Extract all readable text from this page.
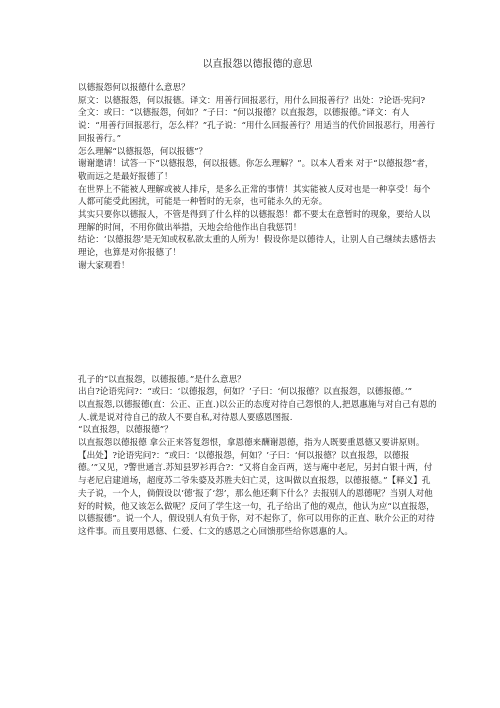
以直报怨以德报德的意思

以德报怨何以报德什么意思？

原文：以德报怨，何以报德。译文：用善行回报恶行，用什么回报善行？出处：?论语·宪问?

全文：或曰：“以德报怨，何如？”子曰：“何以报德？以直报怨，以德报德。”译文：有人说：“用善行回报恶行，怎么样？”孔子说：“用什么回报善行？用适当的代价回报恶行，用善行回报善行。”

怎么理解“以德报怨，何以报德”？

谢谢邀请！试答一下“以德报怨，何以报德。你怎么理解？”。以本人看来 对于“以德报怨”者，敬而远之是最好报德了！

在世界上不能被人理解或被人排斥，是多么正常的事情！其实能被人反对也是一种享受！每个人都可能受此困扰，可能是一种暂时的无奈，也可能永久的无奈。

其实只要你以德报人，不管是得到了什么样的以德报怨！都不要太在意暂时的现象，要给人以理解的时间，不用你做出举措，天地会给他作出自我惩罚！

结论：‘以德报怨’是无知或权私欲太重的人所为！假设你是以德待人，让别人自己继续去感悟去理论，也算是对你报德了！

谢大家观看！

孔子的“以直报怨，以德报德。”是什么意思？

出自?论语宪问?：“或曰：‘以德报怨，何如？’子曰：‘何以报德？以直报怨，以德报德。’”

以直报怨,以德报德(直：公正、正直.)以公正的态度对待自己怨恨的人,把恩惠施与对自己有恩的人.就是说对待自己的敌人不要自私,对待恩人要感恩图报.

“以直报怨，以德报德”？

以直报怨以德报德 拿公正来答复怨恨，拿恩德来酬谢恩德，指为人既要重恩德又要讲原则。【出处】?论语宪问?：“或曰：‘以德报怨，何如？’子曰：‘何以报德？以直报怨，以德报德。’”又见，?警世通言.苏知县罗衫再合?：“又将自金百两，送与庵中老尼，另封白银十两，付与老尼启建道场，超度苏二爷朱婆及苏胜夫妇亡灵，这叫做以直报怨，以德报德。”【释义】孔夫子说，一个人，倘假设以‘德’报了‘怨’，那么他还剩下什么？去报别人的恩德呢？当别人对他好的时候，他又该怎么做呢？反问了学生这一句，孔子给出了他的观点，他认为应“以直报怨，以德报德”。说一个人，假设别人有负于你，对不起你了，你可以用你的正直、耿介公正的对待这件事。而且要用恩德、仁爱、仁文的感恩之心回馈那些给你恩惠的人。
